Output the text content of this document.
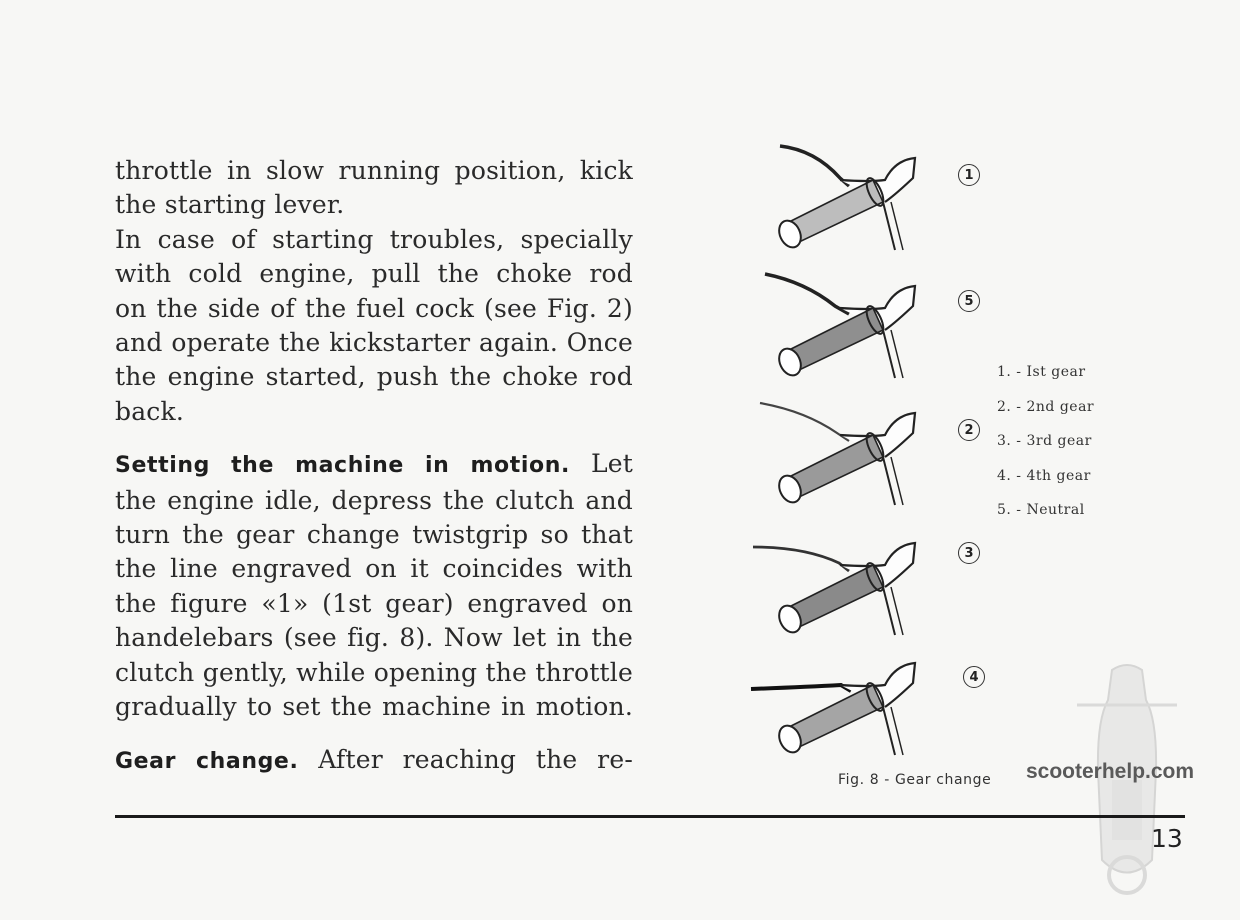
throttle in slow running position, kick

the starting lever.

In case of starting troubles, specially

with cold engine, pull the choke rod

on the side of the fuel cock (see Fig. 2)

and operate the kickstarter again. Once

the engine started, push the choke rod

back.

Setting the machine in motion. Let

the engine idle, depress the clutch and

turn the gear change twistgrip so that

the line engraved on it coincides with

the figure «1» (1st gear) engraved on

handelebars (see fig. 8). Now let in the

clutch gently, while opening the throttle

gradually to set the machine in motion.

Gear change. After reaching the re-

1
5
2
3
4
1. - Ist gear
2. - 2nd gear
3. - 3rd gear
4. - 4th gear
5. - Neutral
Fig. 8 - Gear change scooterhelp.com
13
